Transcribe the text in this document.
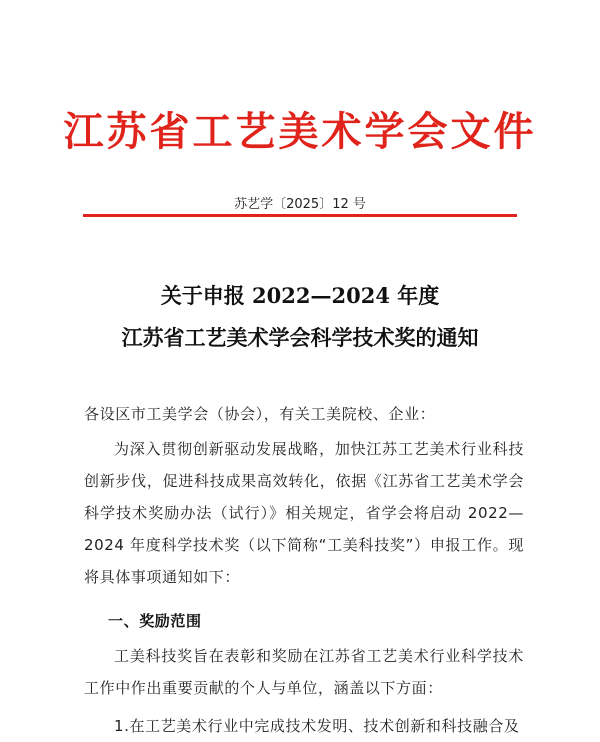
江苏省工艺美术学会文件
苏艺学〔2025〕12 号
关于申报 2022—2024 年度
江苏省工艺美术学会科学技术奖的通知
各设区市工美学会（协会），有关工美院校、企业：
为深入贯彻创新驱动发展战略，加快江苏工艺美术行业科技创新步伐，促进科技成果高效转化，依据《江苏省工艺美术学会科学技术奖励办法（试行）》相关规定，省学会将启动 2022—2024 年度科学技术奖（以下简称“工美科技奖”）申报工作。现将具体事项通知如下：
一、奖励范围
工美科技奖旨在表彰和奖励在江苏省工艺美术行业科学技术工作中作出重要贡献的个人与单位，涵盖以下方面：
1.在工艺美术行业中完成技术发明、技术创新和科技融合及
